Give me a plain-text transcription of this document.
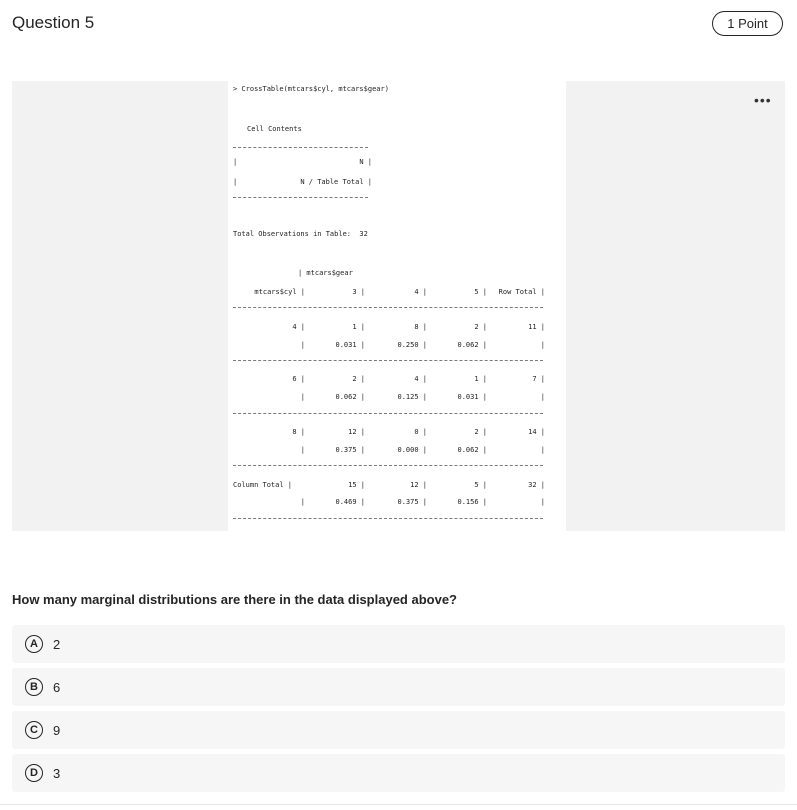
Question 5	1 Point
•••
> CrossTable(mtcars$cyl, mtcars$gear)
Cell Contents
|	N |
|	N / Table Total |
Total Observations in Table:  32
| mtcars$gear
mtcars$cyl |	3 |	4 |	5 |	Row Total |
4 |	1 |	8 |	2 |	11 |
|	0.031 |	0.250 |	0.062 |	|
6 |	2 |	4 |	1 |	7 |
|	0.062 |	0.125 |	0.031 |	|
8 |	12 |	0 |	2 |	14 |
|	0.375 |	0.000 |	0.062 |	|
Column Total |	15 |	12 |	5 |	32 |
|	0.469 |	0.375 |	0.156 |	|
How many marginal distributions are there in the data displayed above?
A	2
B	6
C	9
D	3
